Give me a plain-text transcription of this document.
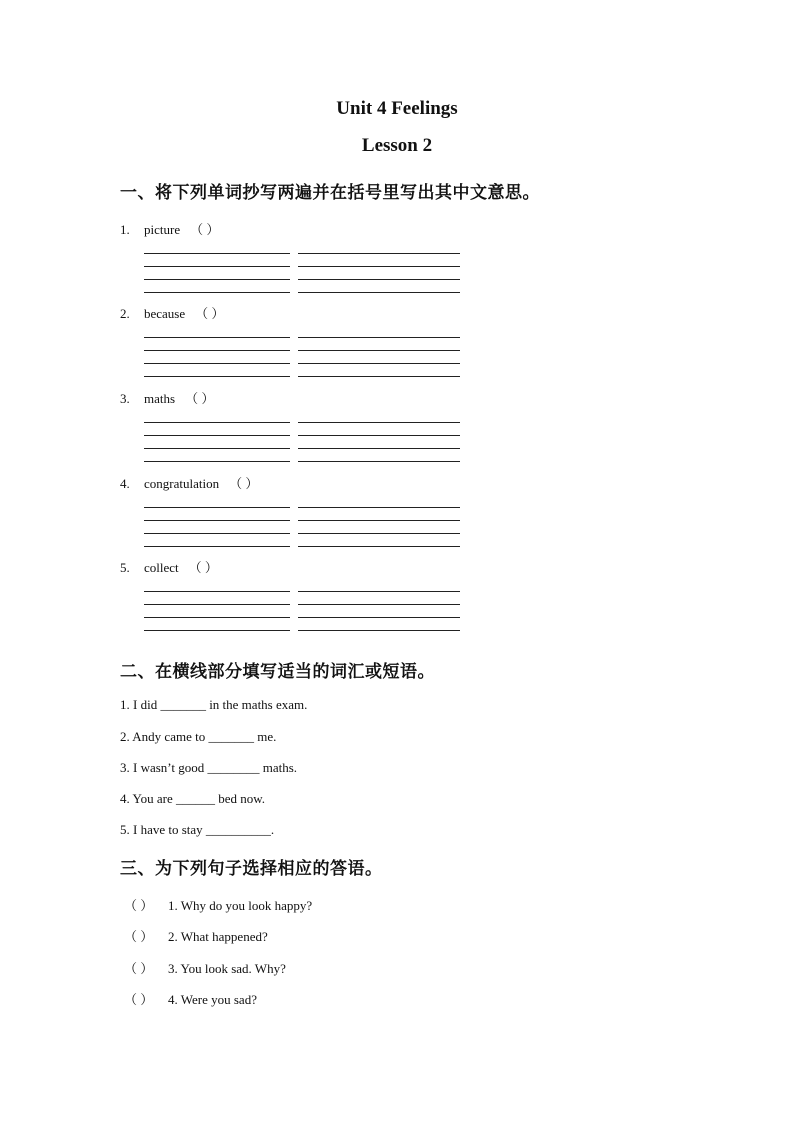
Unit 4 Feelings
Lesson 2
一、将下列单词抄写两遍并在括号里写出其中文意思。
1. picture （ ）
2. because （ ）
3. maths （ ）
4. congratulation （ ）
5. collect （ ）
二、在横线部分填写适当的词汇或短语。
1. I did _______ in the maths exam.
2. Andy came to _______ me.
3. I wasn’t good ________ maths.
4. You are ______ bed now.
5. I have to stay __________.
三、为下列句子选择相应的答语。
（ ） 1. Why do you look happy?
（ ） 2. What happened?
（ ） 3. You look sad. Why?
（ ） 4. Were you sad?
